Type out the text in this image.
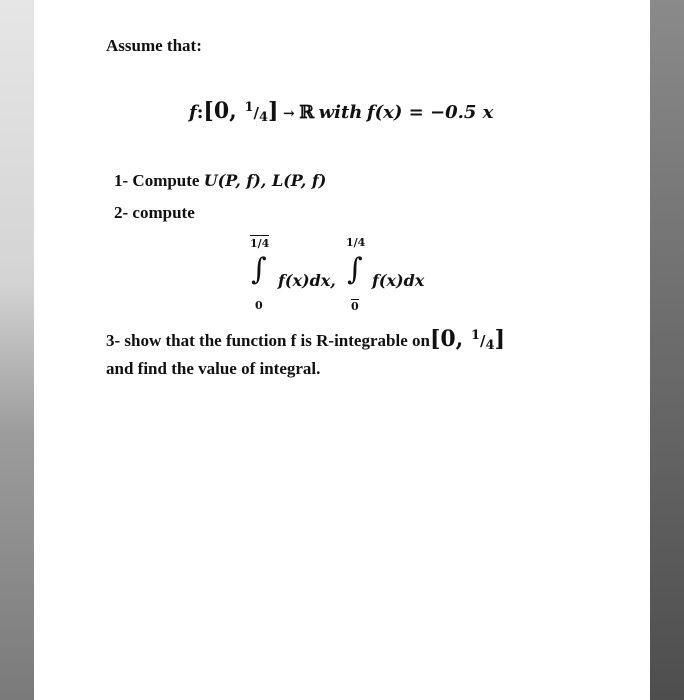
Assume that:
f:[0, $^1/_4$] → ℝ with f(x) = −0.5 x
1- Compute U(P, f), L(P, f)
2- compute
1/4
∫
0
f(x)dx,
1/4
∫
0
f(x)dx
3- show that the function f is R-integrable on[0, $^1/_4$]
and find the value of integral.
